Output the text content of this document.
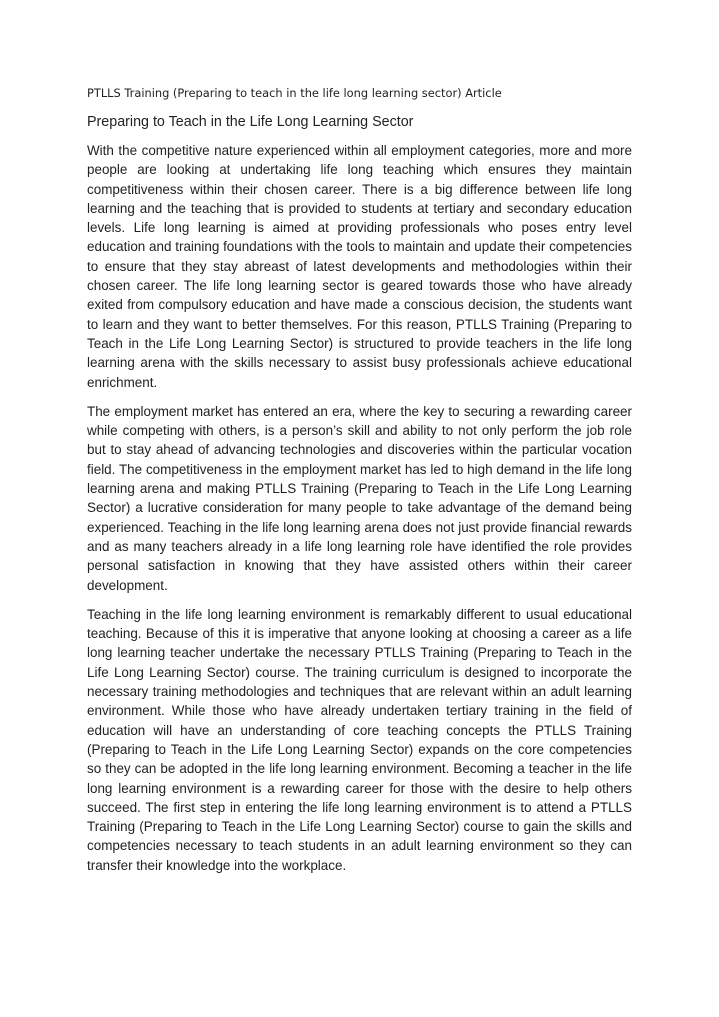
PTLLS Training (Preparing to teach in the life long learning sector) Article
Preparing to Teach in the Life Long Learning Sector

With the competitive nature experienced within all employment categories, more and more people are looking at undertaking life long teaching which ensures they maintain competitiveness within their chosen career. There is a big difference between life long learning and the teaching that is provided to students at tertiary and secondary education levels. Life long learning is aimed at providing professionals who poses entry level education and training foundations with the tools to maintain and update their competencies to ensure that they stay abreast of latest developments and methodologies within their chosen career. The life long learning sector is geared towards those who have already exited from compulsory education and have made a conscious decision, the students want to learn and they want to better themselves. For this reason, PTLLS Training (Preparing to Teach in the Life Long Learning Sector) is structured to provide teachers in the life long learning arena with the skills necessary to assist busy professionals achieve educational enrichment.

The employment market has entered an era, where the key to securing a rewarding career while competing with others, is a person’s skill and ability to not only perform the job role but to stay ahead of advancing technologies and discoveries within the particular vocation field. The competitiveness in the employment market has led to high demand in the life long learning arena and making PTLLS Training (Preparing to Teach in the Life Long Learning Sector) a lucrative consideration for many people to take advantage of the demand being experienced. Teaching in the life long learning arena does not just provide financial rewards and as many teachers already in a life long learning role have identified the role provides personal satisfaction in knowing that they have assisted others within their career development.

Teaching in the life long learning environment is remarkably different to usual educational teaching. Because of this it is imperative that anyone looking at choosing a career as a life long learning teacher undertake the necessary PTLLS Training (Preparing to Teach in the Life Long Learning Sector) course. The training curriculum is designed to incorporate the necessary training methodologies and techniques that are relevant within an adult learning environment. While those who have already undertaken tertiary training in the field of education will have an understanding of core teaching concepts the PTLLS Training (Preparing to Teach in the Life Long Learning Sector) expands on the core competencies so they can be adopted in the life long learning environment. Becoming a teacher in the life long learning environment is a rewarding career for those with the desire to help others succeed. The first step in entering the life long learning environment is to attend a PTLLS Training (Preparing to Teach in the Life Long Learning Sector) course to gain the skills and competencies necessary to teach students in an adult learning environment so they can transfer their knowledge into the workplace.
